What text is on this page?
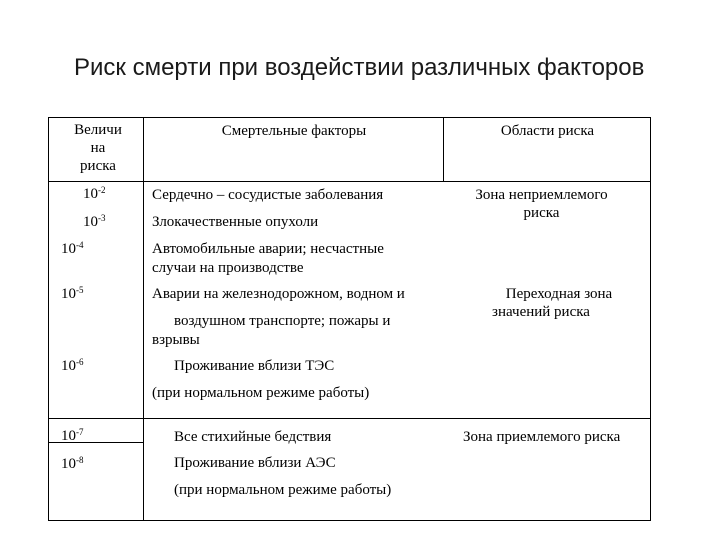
Риск смерти при воздействии различных факторов
Величи
на
риска
Смертельные факторы	Области риска
$10^{-2}$
$10^{-3}$
$10^{-4}$
$10^{-5}$
$10^{-6}$
$10^{-7}$
$10^{-8}$
Сердечно – сосудистые заболевания
Злокачественные опухоли
Автомобильные аварии; несчастные
случаи на производстве
Аварии на железнодорожном, водном и
воздушном транспорте; пожары и
взрывы
Проживание вблизи ТЭС
(при нормальном режиме работы)
Все стихийные бедствия
Проживание вблизи АЭС
(при нормальном режиме работы)
Зона неприемлемого
риска
Переходная зона
значений риска
Зона приемлемого риска
